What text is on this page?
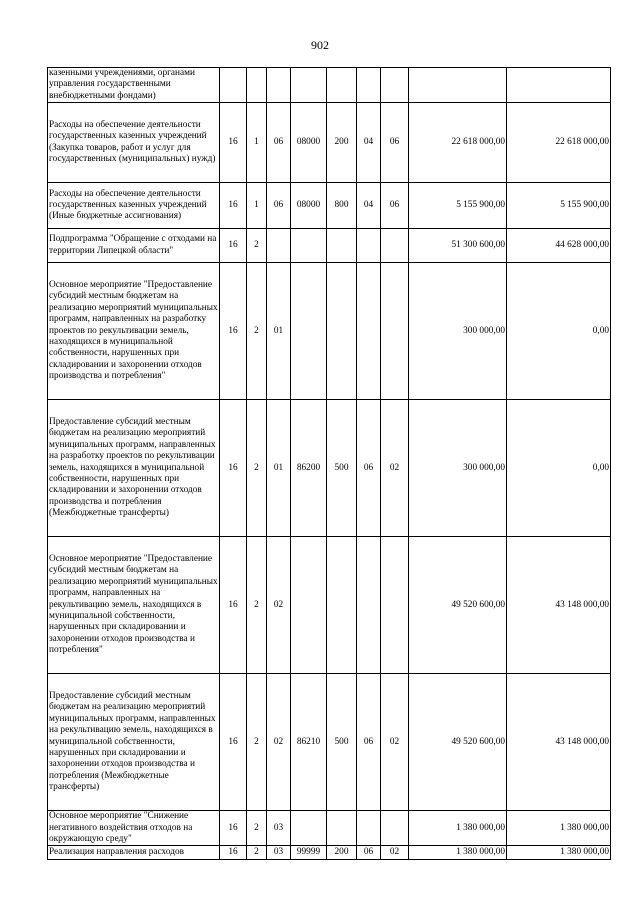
902
казенными учреждениями, органами управления государственными внебюджетными фондами)									
Расходы на обеспечение деятельности государственных казенных учреждений (Закупка товаров, работ и услуг для государственных (муниципальных) нужд)	16	1	06	08000	200	04	06	22 618 000,00	22 618 000,00
Расходы на обеспечение деятельности государственных казенных учреждений (Иные бюджетные ассигнования)	16	1	06	08000	800	04	06	5 155 900,00	5 155 900,00
Подпрограмма "Обращение с отходами на территории Липецкой области"	16	2						51 300 600,00	44 628 000,00
Основное мероприятие "Предоставление субсидий местным бюджетам на реализацию мероприятий муниципальных программ, направленных на разработку проектов по рекультивации земель, находящихся в муниципальной собственности, нарушенных при складировании и захоронении отходов производства и потребления"	16	2	01					300 000,00	0,00
Предоставление субсидий местным бюджетам на реализацию мероприятий муниципальных программ, направленных на разработку проектов по рекультивации земель, находящихся в муниципальной собственности, нарушенных при складировании и захоронении отходов производства и потребления (Межбюджетные трансферты)	16	2	01	86200	500	06	02	300 000,00	0,00
Основное мероприятие "Предоставление субсидий местным бюджетам на реализацию мероприятий муниципальных программ, направленных на рекультивацию земель, находящихся в муниципальной собственности, нарушенных при складировании и захоронении отходов производства и потребления"	16	2	02					49 520 600,00	43 148 000,00
Предоставление субсидий местным бюджетам на реализацию мероприятий муниципальных программ, направленных на рекультивацию земель, находящихся в муниципальной собственности, нарушенных при складировании и захоронении отходов производства и потребления (Межбюджетные трансферты)	16	2	02	86210	500	06	02	49 520 600,00	43 148 000,00
Основное мероприятие "Снижение негативного воздействия отходов на окружающую среду"	16	2	03					1 380 000,00	1 380 000,00
Реализация направления расходов	16	2	03	99999	200	06	02	1 380 000,00	1 380 000,00
